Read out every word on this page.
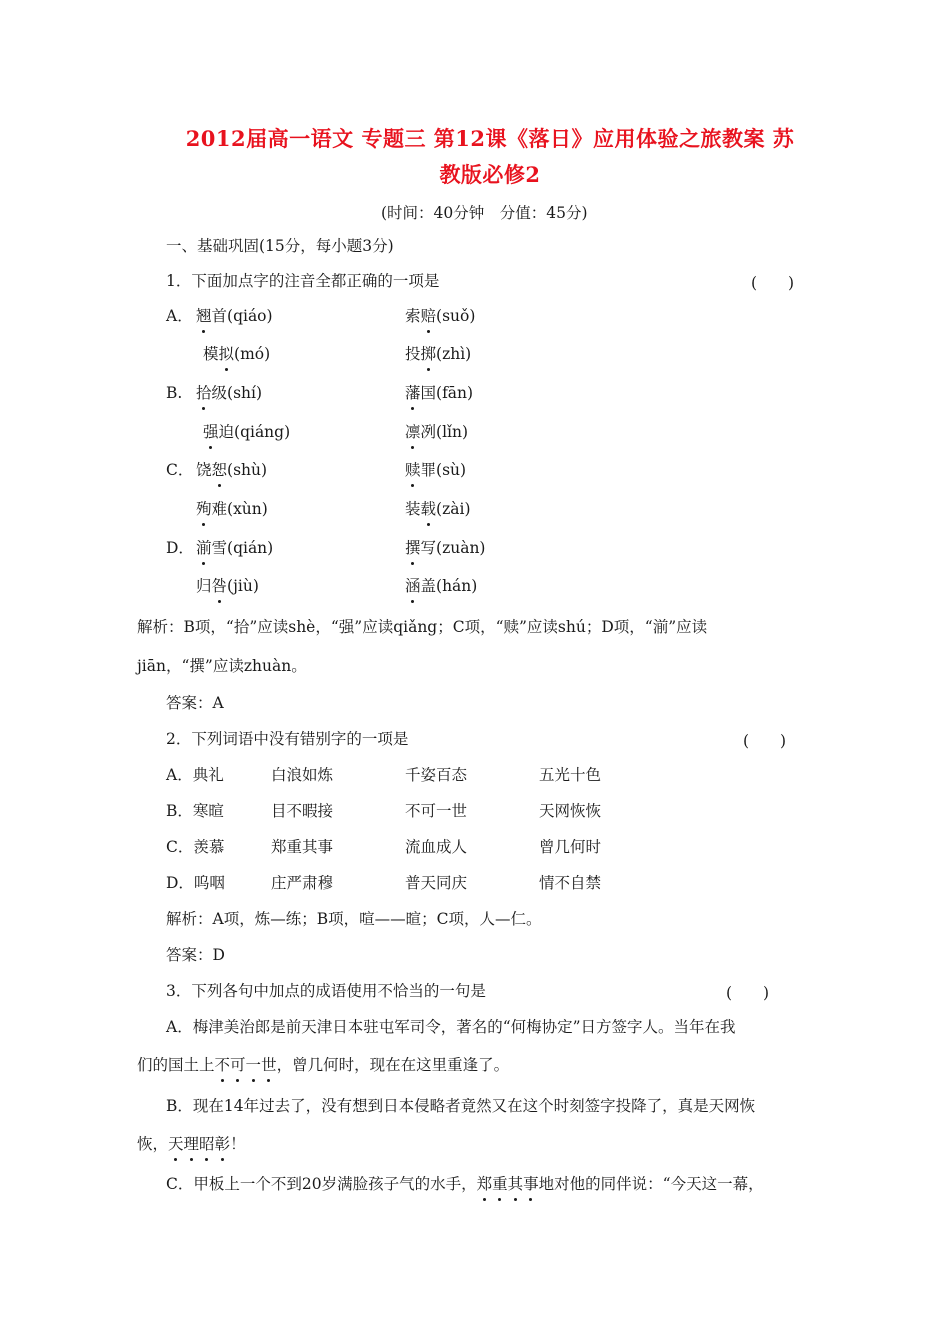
2012届高一语文 专题三 第12课《落日》应用体验之旅教案 苏
教版必修2
(时间：40分钟　分值：45分)
一、基础巩固(15分，每小题3分)
1．下面加点字的注音全都正确的一项是	(　　)
A． 翘首(qiáo)	索赔(suǒ)
模拟(mó)	投掷(zhì)
B. 拾级(shí)	藩国(fān)
强迫(qiáng)	凛冽(lǐn)
C． 饶恕(shù)	赎罪(sù)
殉难(xùn)	装载(zài)
D． 湔雪(qián)	撰写(zuàn)
归咎(jiù)	涵盖(hán)
解析：B项，“拾”应读shè，“强”应读qiǎng；C项，“赎”应读shú；D项，“湔”应读
jiān，“撰”应读zhuàn。
答案：A
2．下列词语中没有错别字的一项是	(　　)
A．典礼	白浪如炼	千姿百态	五光十色
B．寒暄	目不暇接	不可一世	天网恢恢
C．羡慕	郑重其事	流血成人	曾几何时
D．呜咽	庄严肃穆	普天同庆	情不自禁
解析：A项，炼—练；B项，喧——暄；C项，人—仁。
答案：D
3．下列各句中加点的成语使用不恰当的一句是	(　　)
A．梅津美治郎是前天津日本驻屯军司令，著名的“何梅协定”日方签字人。当年在我
们的国土上不可一世，曾几何时，现在在这里重逢了。
B．现在14年过去了，没有想到日本侵略者竟然又在这个时刻签字投降了，真是天网恢
恢，天理昭彰！
C．甲板上一个不到20岁满脸孩子气的水手，郑重其事地对他的同伴说：“今天这一幕，
